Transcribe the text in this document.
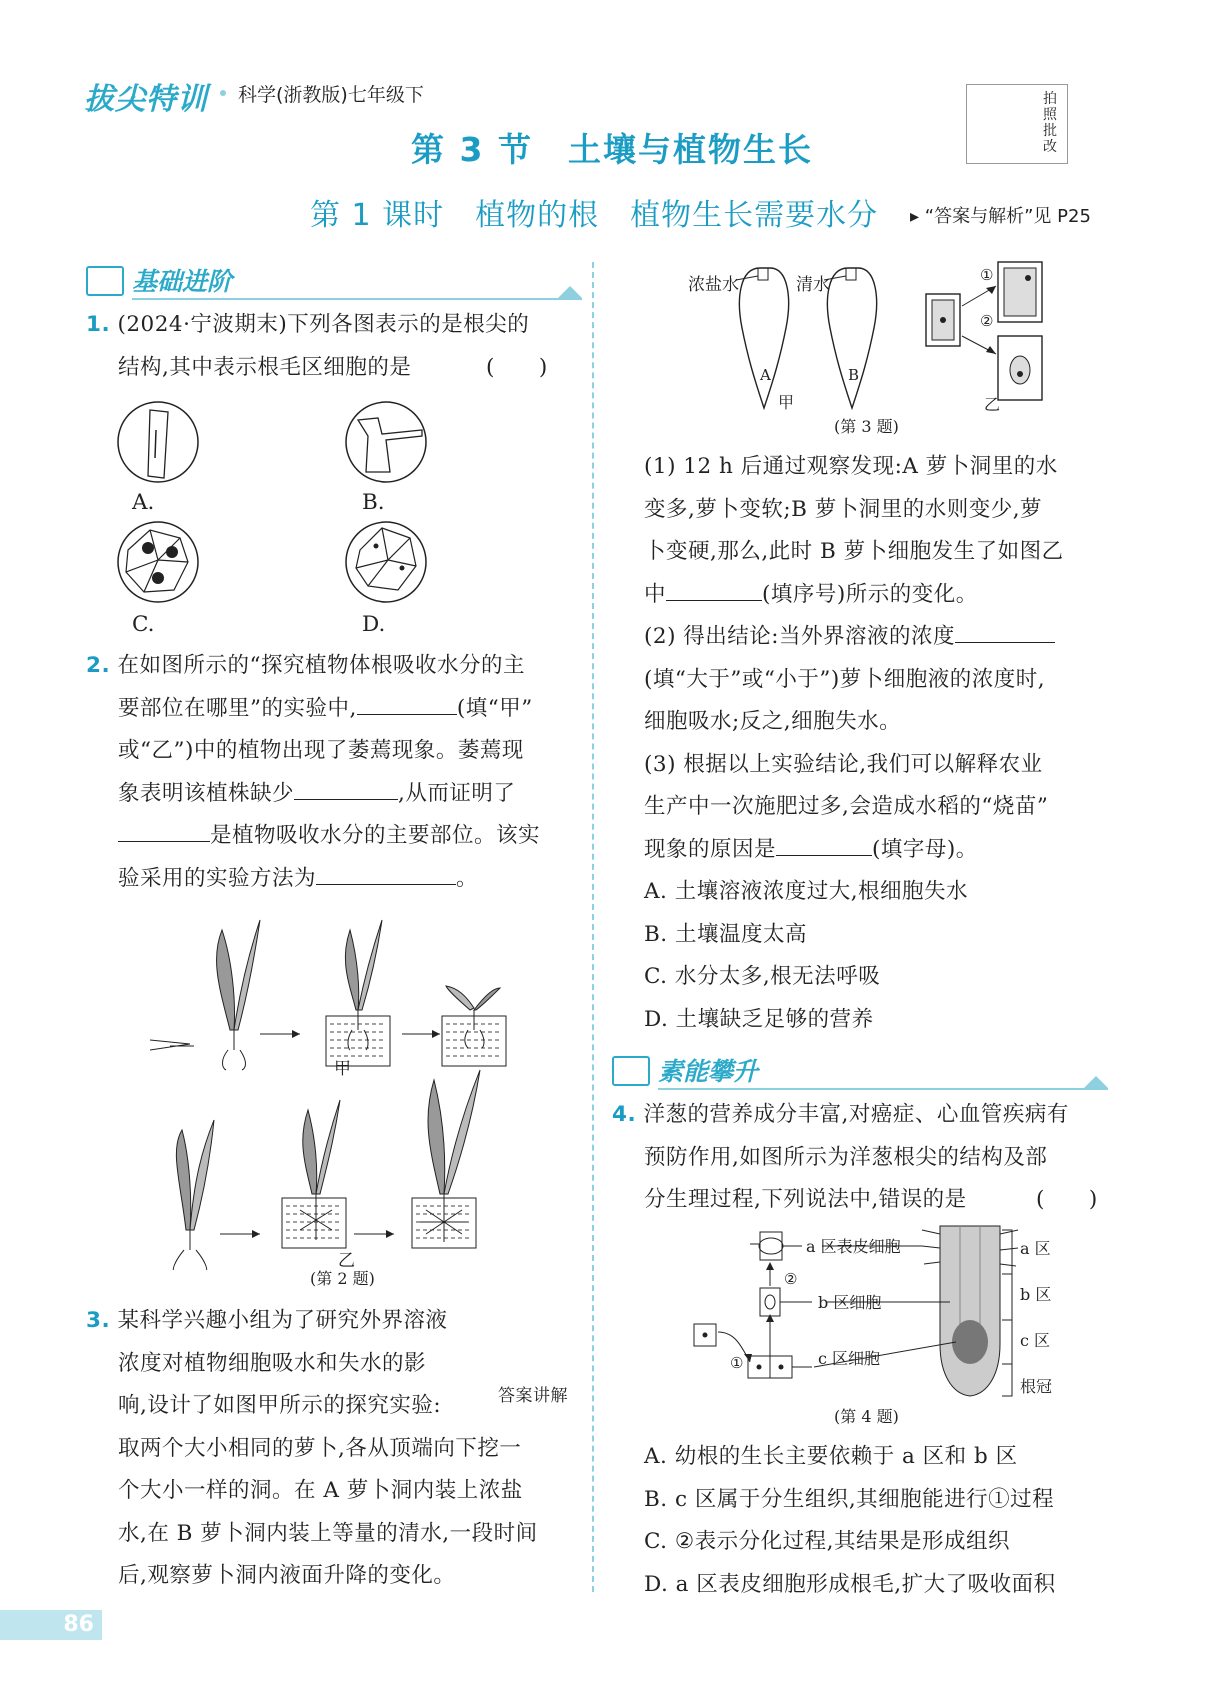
拔尖特训 科学(浙教版)七年级下	拍照批改
第 3 节　土壤与植物生长
第 1 课时　植物的根　植物生长需要水分 ▸ “答案与解析”见 P25
基础进阶
1. (2024·宁波期末)下列各图表示的是根尖的
结构,其中表示根毛区细胞的是	(　　)
A.	B.
C.	D.
2. 在如图所示的“探究植物体根吸收水分的主
要部位在哪里”的实验中,	(填“甲”
或“乙”)中的植物出现了萎蔫现象。萎蔫现
象表明该植株缺少	,从而证明了
是植物吸收水分的主要部位。该实
验采用的实验方法为	。
甲
乙
(第 2 题)
3. 某科学兴趣小组为了研究外界溶液
浓度对植物细胞吸水和失水的影
响,设计了如图甲所示的探究实验:	答案讲解
取两个大小相同的萝卜,各从顶端向下挖一
个大小一样的洞。在 A 萝卜洞内装上浓盐
水,在 B 萝卜洞内装上等量的清水,一段时间
后,观察萝卜洞内液面升降的变化。
浓盐水	清水
A	B
甲	乙
①
②
(第 3 题)
(1) 12 h 后通过观察发现:A 萝卜洞里的水
变多,萝卜变软;B 萝卜洞里的水则变少,萝
卜变硬,那么,此时 B 萝卜细胞发生了如图乙
中	(填序号)所示的变化。
(2) 得出结论:当外界溶液的浓度
(填“大于”或“小于”)萝卜细胞液的浓度时,
细胞吸水;反之,细胞失水。
(3) 根据以上实验结论,我们可以解释农业
生产中一次施肥过多,会造成水稻的“烧苗”
现象的原因是	(填字母)。
A. 土壤溶液浓度过大,根细胞失水
B. 土壤温度太高
C. 水分太多,根无法呼吸
D. 土壤缺乏足够的营养
素能攀升
4. 洋葱的营养成分丰富,对癌症、心血管疾病有
预防作用,如图所示为洋葱根尖的结构及部
分生理过程,下列说法中,错误的是	(　　)
a 区表皮细胞
b 区细胞
c 区细胞
a 区
b 区
c 区
根冠
②
①
(第 4 题)
A. 幼根的生长主要依赖于 a 区和 b 区
B. c 区属于分生组织,其细胞能进行①过程
C. ②表示分化过程,其结果是形成组织
D. a 区表皮细胞形成根毛,扩大了吸收面积
86
